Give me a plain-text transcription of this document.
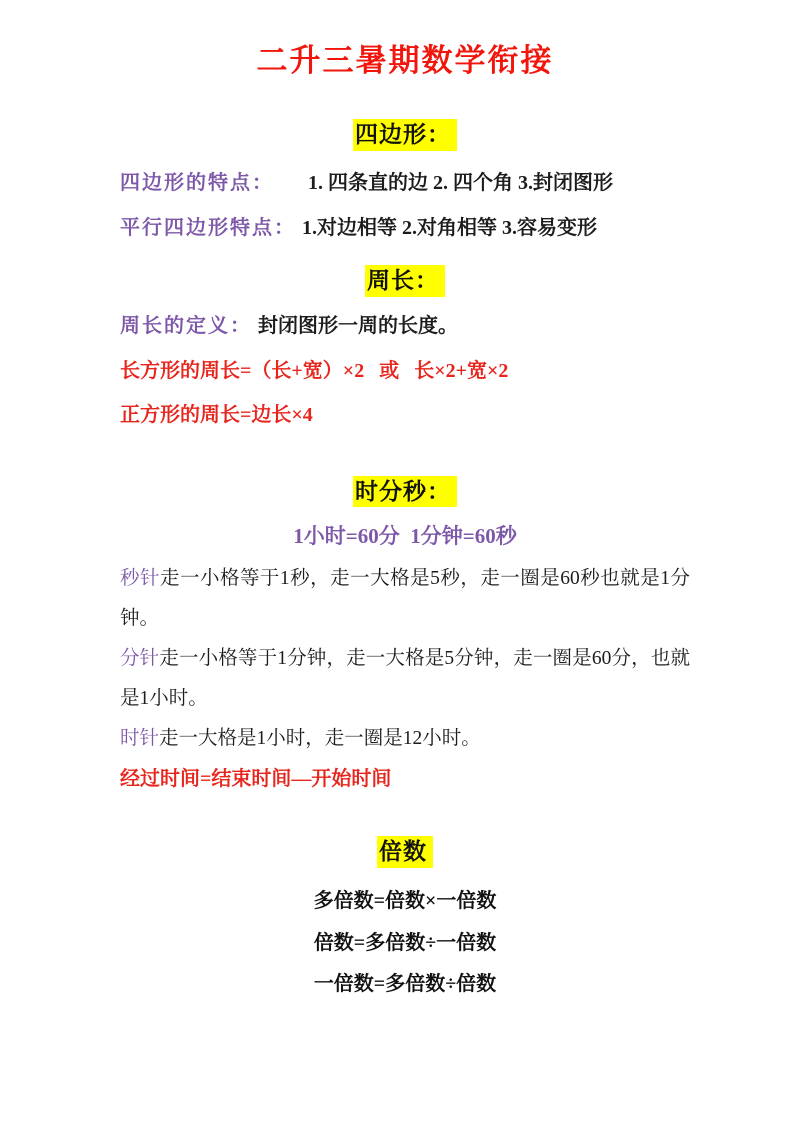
二升三暑期数学衔接

四边形：

四边形的特点： 1. 四条直的边 2. 四个角 3.封闭图形

平行四边形特点： 1.对边相等 2.对角相等 3.容易变形

周长：

周长的定义： 封闭图形一周的长度。

长方形的周长=（长+宽）×2   或   长×2+宽×2

正方形的周长=边长×4

时分秒：

1小时=60分  1分钟=60秒

秒针走一小格等于1秒，走一大格是5秒，走一圈是60秒也就是1分钟。

分针走一小格等于1分钟，走一大格是5分钟，走一圈是60分，也就是1小时。

时针走一大格是1小时，走一圈是12小时。

经过时间=结束时间—开始时间

倍数

多倍数=倍数×一倍数

倍数=多倍数÷一倍数

一倍数=多倍数÷倍数
